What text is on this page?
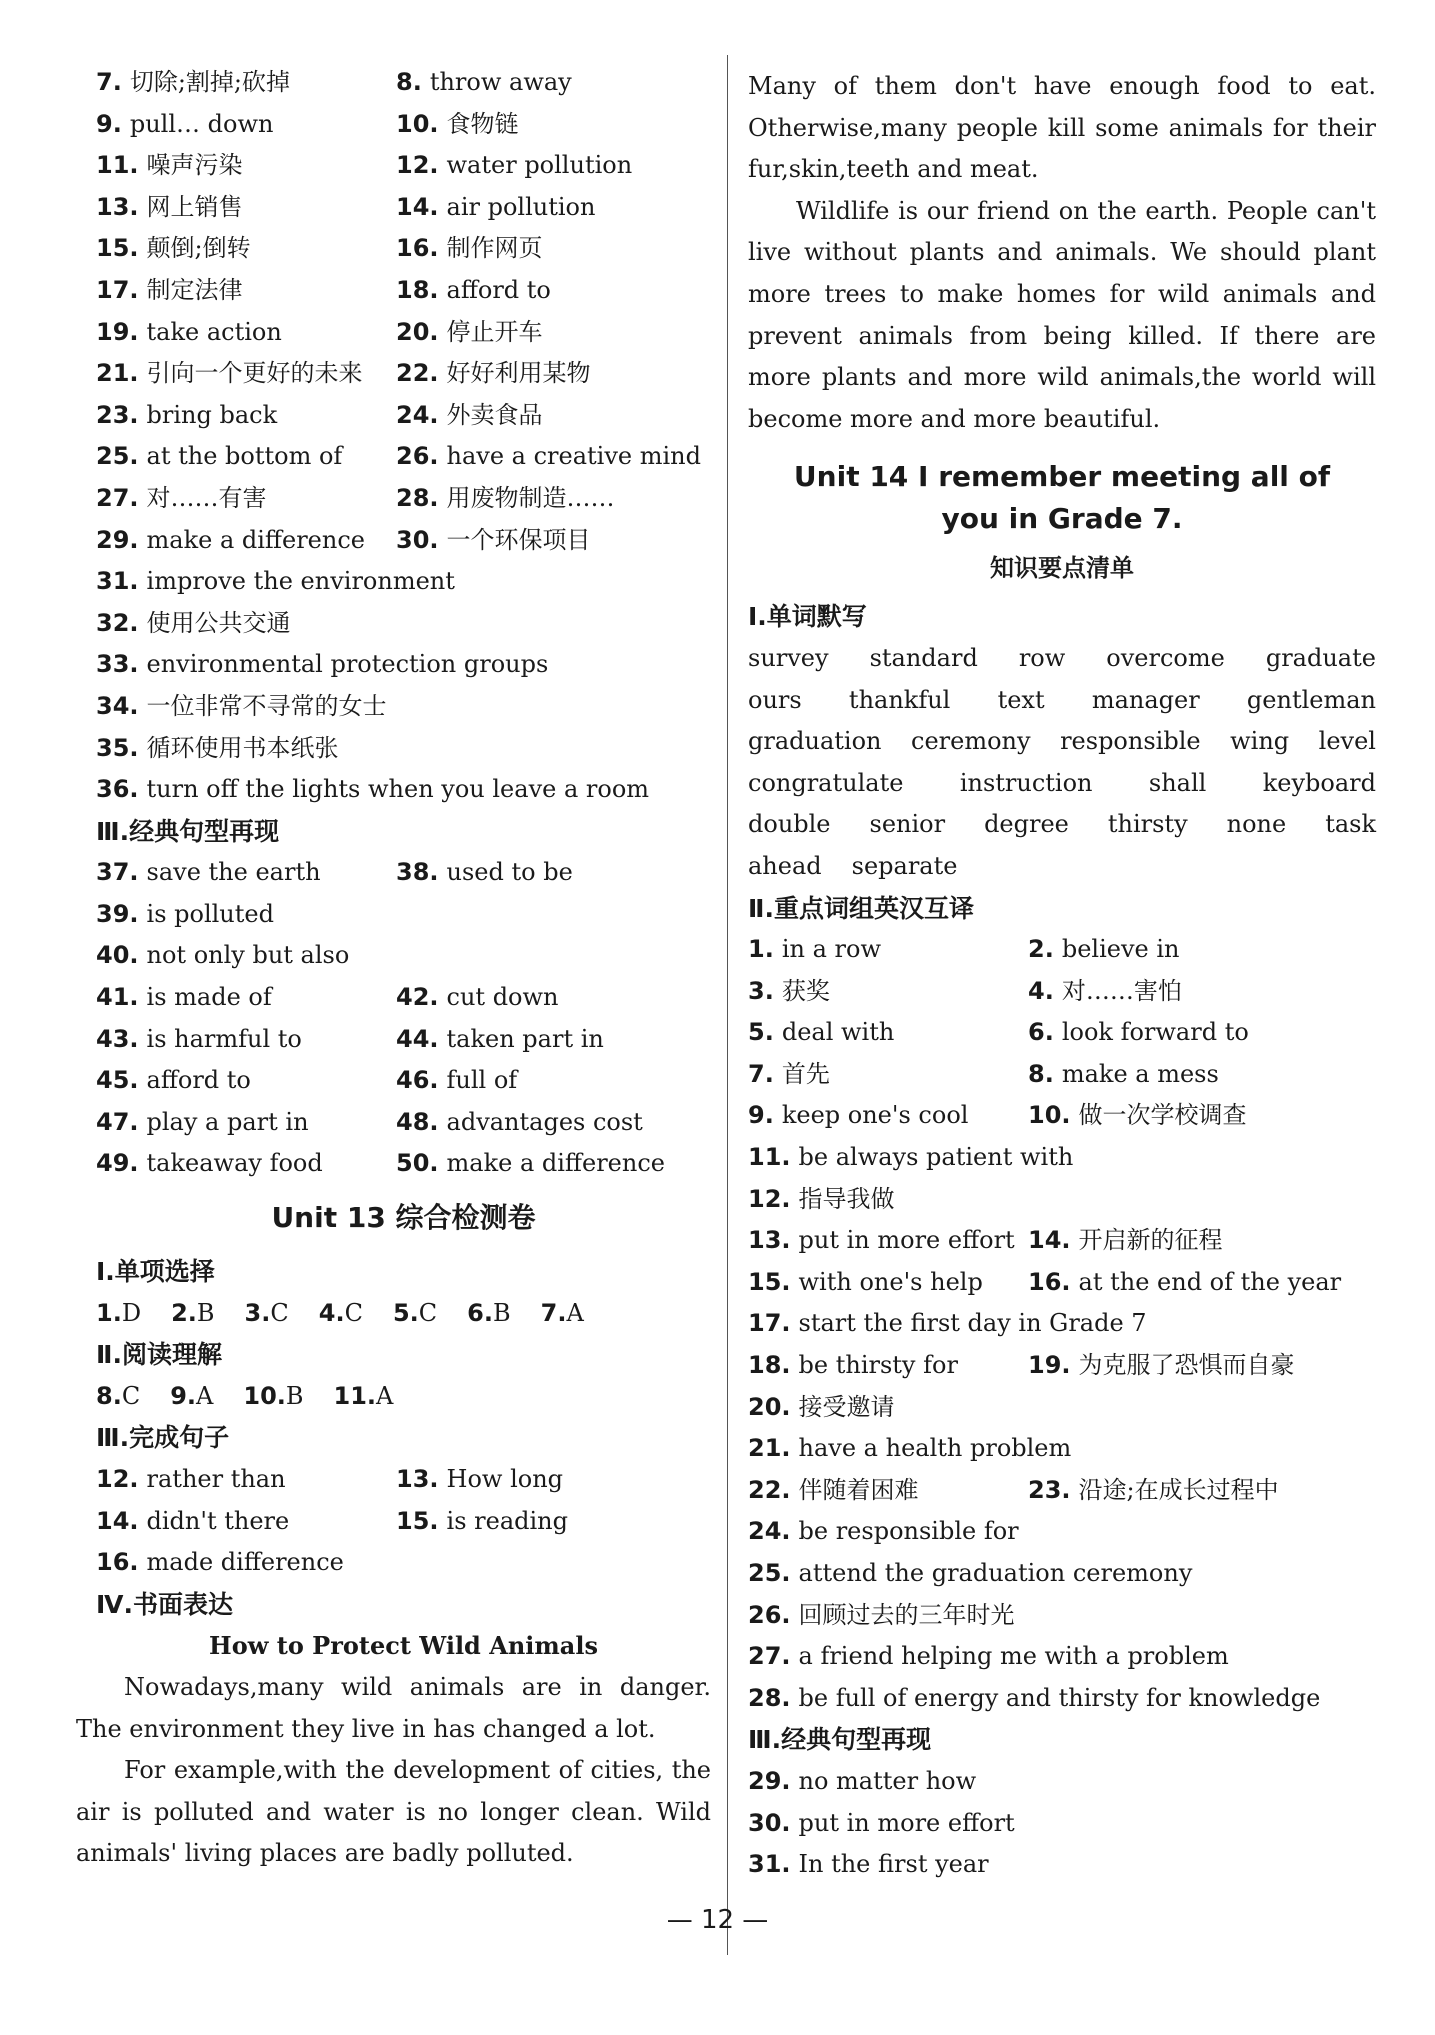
7. 切除;割掉;砍掉	8. throw away
9. pull… down	10. 食物链
11. 噪声污染	12. water pollution
13. 网上销售	14. air pollution
15. 颠倒;倒转	16. 制作网页
17. 制定法律	18. afford to
19. take action	20. 停止开车
21. 引向一个更好的未来	22. 好好利用某物
23. bring back	24. 外卖食品
25. at the bottom of	26. have a creative mind
27. 对……有害	28. 用废物制造……
29. make a difference	30. 一个环保项目
31. improve the environment
32. 使用公共交通
33. environmental protection groups
34. 一位非常不寻常的女士
35. 循环使用书本纸张
36. turn off the lights when you leave a room
Ⅲ.经典句型再现
37. save the earth	38. used to be
39. is polluted
40. not only but also
41. is made of	42. cut down
43. is harmful to	44. taken part in
45. afford to	46. full of
47. play a part in	48. advantages cost
49. takeaway food	50. make a difference
Unit 13 综合检测卷
Ⅰ.单项选择
1.D 2.B 3.C 4.C 5.C 6.B 7.A
Ⅱ.阅读理解
8.C 9.A 10.B 11.A
Ⅲ.完成句子
12. rather than	13. How long
14. didn't there	15. is reading
16. made difference
Ⅳ.书面表达
How to Protect Wild Animals
Nowadays,many wild animals are in danger. The environment they live in has changed a lot.
For example,with the development of cities, the air is polluted and water is no longer clean. Wild animals' living places are badly polluted.
Many of them don't have enough food to eat. Otherwise,many people kill some animals for their fur,skin,teeth and meat.
Wildlife is our friend on the earth. People can't live without plants and animals. We should plant more trees to make homes for wild animals and prevent animals from being killed. If there are more plants and more wild animals,the world will become more and more beautiful.
Unit 14 I remember meeting all of
you in Grade 7.
知识要点清单
Ⅰ.单词默写
survey standard row overcome graduate
ours thankful text manager gentleman
graduation ceremony responsible wing level
congratulate instruction shall keyboard
double senior degree thirsty none task
ahead separate
Ⅱ.重点词组英汉互译
1. in a row	2. believe in
3. 获奖	4. 对……害怕
5. deal with	6. look forward to
7. 首先	8. make a mess
9. keep one's cool	10. 做一次学校调查
11. be always patient with
12. 指导我做
13. put in more effort 14. 开启新的征程
15. with one's help	16. at the end of the year
17. start the first day in Grade 7
18. be thirsty for	19. 为克服了恐惧而自豪
20. 接受邀请
21. have a health problem
22. 伴随着困难	23. 沿途;在成长过程中
24. be responsible for
25. attend the graduation ceremony
26. 回顾过去的三年时光
27. a friend helping me with a problem
28. be full of energy and thirsty for knowledge
Ⅲ.经典句型再现
29. no matter how
30. put in more effort
31. In the first year
— 12 —
